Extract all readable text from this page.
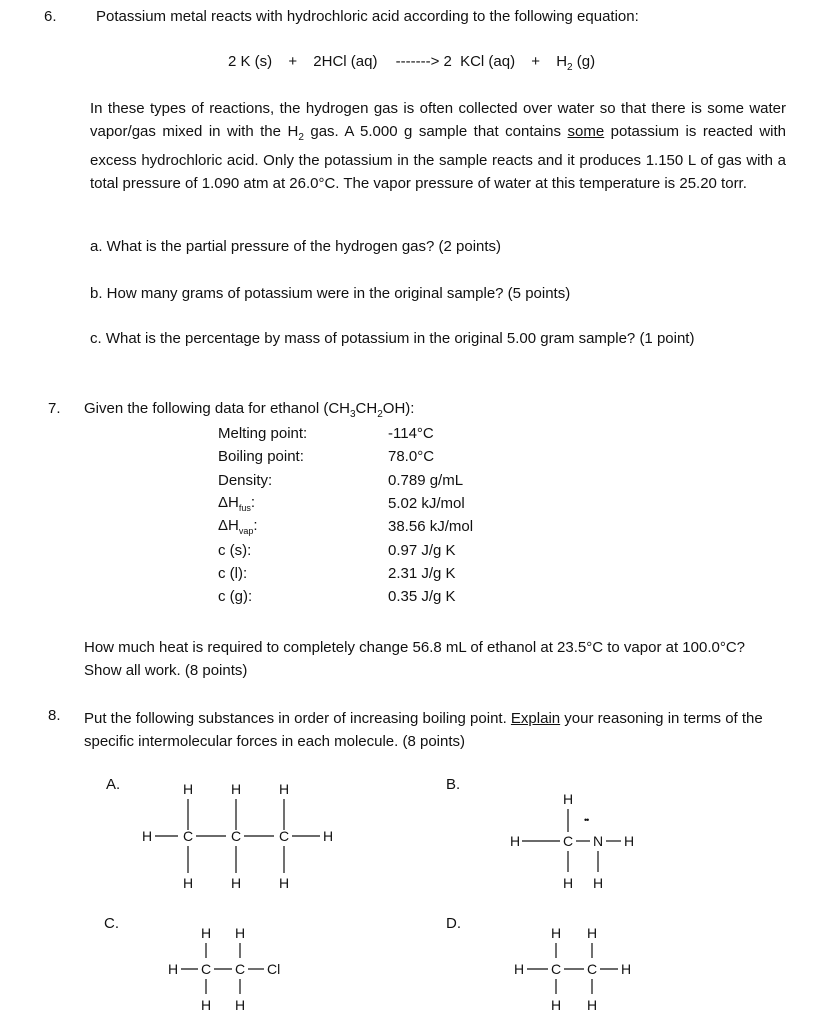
6.	Potassium metal reacts with hydrochloric acid according to the following equation:
2 K (s) + 2HCl (aq) -------> 2 KCl $(aq) + H_2$ (g)
In these types of reactions, the hydrogen gas is often collected over water so that there is some water vapor/gas mixed in with the $H_2$ gas. A 5.000 g sample that contains some potassium is reacted with excess hydrochloric acid. Only the potassium in the sample reacts and it produces 1.150 L of gas with a total pressure of 1.090 atm at 26.0°C. The vapor pressure of water at this temperature is 25.20 torr.
a. What is the partial pressure of the hydrogen gas? (2 points)
b. How many grams of potassium were in the original sample? (5 points)
c. What is the percentage by mass of potassium in the original 5.00 gram sample? (1 point)
7. Given the following data for ethanol $(CH_3CH_2OH)$:
Melting point:	-114°C
Boiling point:	78.0°C
Density:	0.789 g/mL
$\Delta H_{fus}$:	5.02 kJ/mol
$\Delta H_{vap}$:	38.56 kJ/mol
c (s):	0.97 J/g K
c (l):	2.31 J/g K
c (g):	0.35 J/g K
How much heat is required to completely change 56.8 mL of ethanol at 23.5°C to vapor at 100.0°C? Show all work. (8 points)
8. Put the following substances in order of increasing boiling point. Explain your reasoning in terms of the specific intermolecular forces in each molecule. (8 points)
A.	B.
C.	D.
H	H	H
H C	C	C H
H	H	H
H
••
H	C N H
H H
H H
H C C Cl
H H
H H
H C C H
H H
